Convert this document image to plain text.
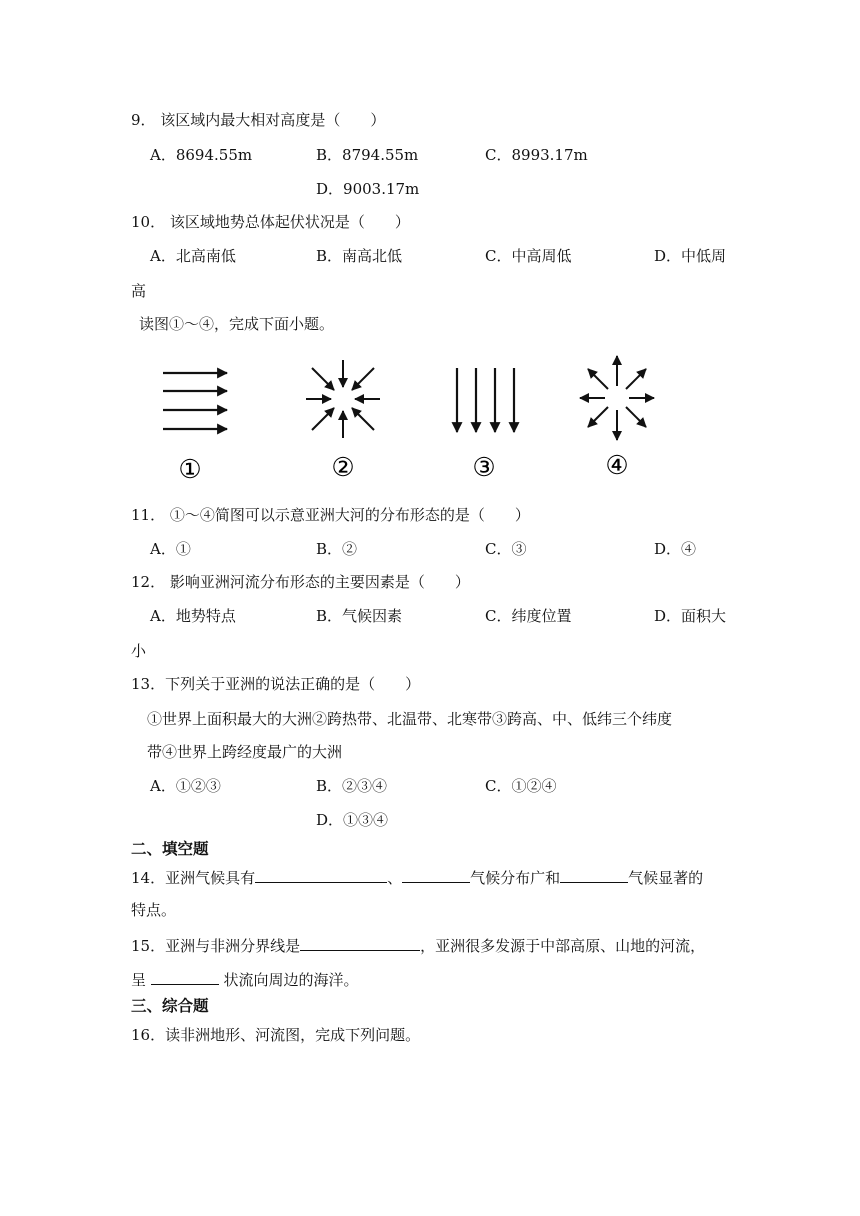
9． 该区域内最大相对高度是（　　）
A．8694.55m	B．8794.55m	C．8993.17m
D．9003.17m
10． 该区域地势总体起伏状况是（　　）
A．北高南低	B．南高北低	C．中高周低	D．中低周
高
读图①～④，完成下面小题。
①	②	③	④
11． ①～④简图可以示意亚洲大河的分布形态的是（　　）
A．①	B．②	C．③	D．④
12． 影响亚洲河流分布形态的主要因素是（　　）
A．地势特点	B．气候因素	C．纬度位置	D．面积大
小
13．下列关于亚洲的说法正确的是（　　）
①世界上面积最大的大洲②跨热带、北温带、北寒带③跨高、中、低纬三个纬度
带④世界上跨经度最广的大洲
A．①②③	B．②③④	C．①②④
D．①③④
二、填空题
14．亚洲气候具有	、	气候分布广和	气候显著的
特点。
15．亚洲与非洲分界线是	，亚洲很多发源于中部高原、山地的河流，
呈	状流向周边的海洋。
三、综合题
16．读非洲地形、河流图，完成下列问题。
